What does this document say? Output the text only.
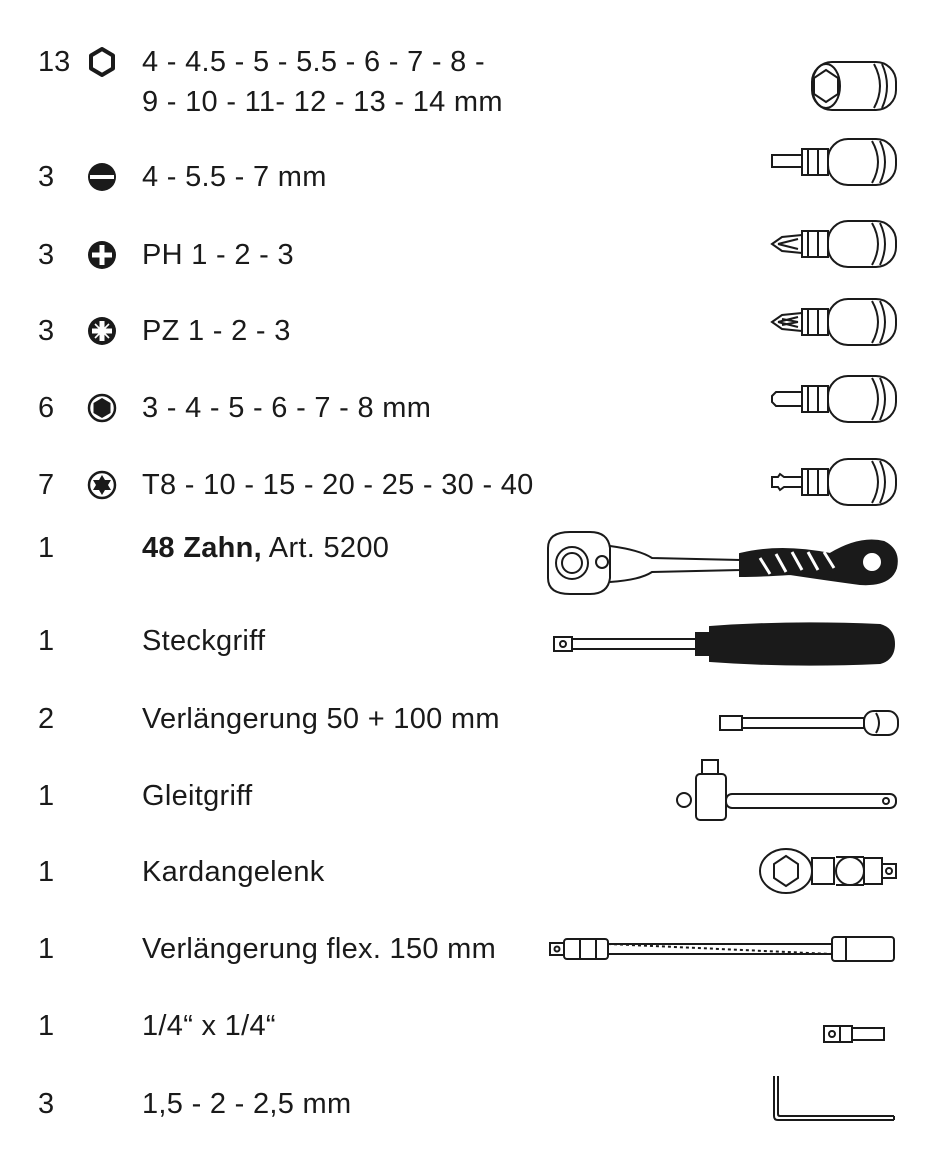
13 4 - 4.5 - 5 - 5.5 - 6 - 7 - 8 -
9 - 10 - 11- 12 - 13 - 14 mm
3	4 - 5.5 - 7 mm
3	PH 1 - 2 - 3
3	PZ 1 - 2 - 3
6	3 - 4 - 5 - 6 - 7 - 8 mm
7	T8 - 10 - 15 - 20 - 25 - 30 - 40
1	48 Zahn, Art. 5200
1	Steckgriff
2	Verlängerung 50 + 100 mm
1	Gleitgriff
1	Kardangelenk
1	Verlängerung flex. 150 mm
1	1/4“ x 1/4“
3	1,5 - 2 - 2,5 mm
